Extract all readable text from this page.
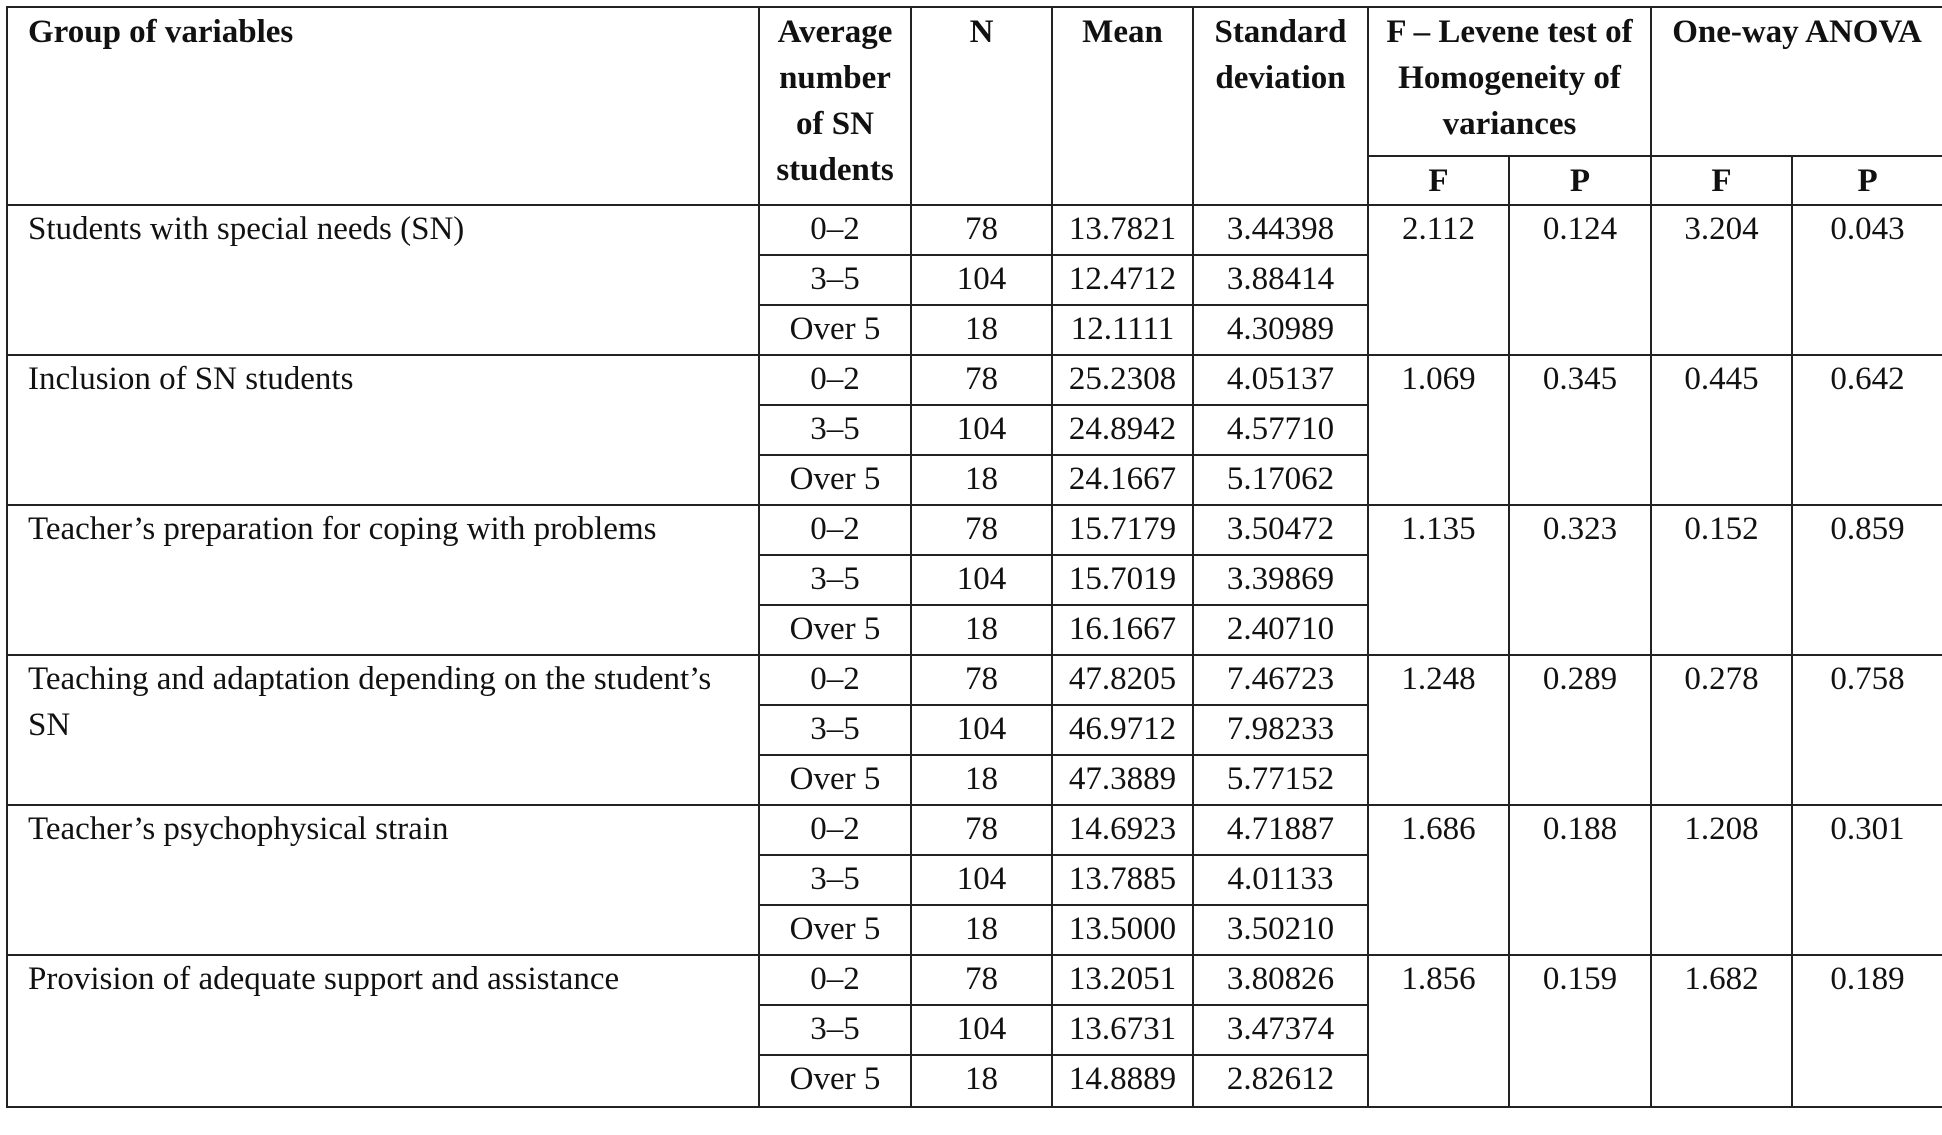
Group of variables	Average number of SN students	N	Mean	Standard deviation	F – Levene test of Homogeneity of variances		One-way ANOVA	
					F	P	F	P
Students with special needs (SN)	0–2	78	13.7821	3.44398	2.112	0.124	3.204	0.043
	3–5	104	12.4712	3.88414				
	Over 5	18	12.1111	4.30989				
Inclusion of SN students	0–2	78	25.2308	4.05137	1.069	0.345	0.445	0.642
	3–5	104	24.8942	4.57710				
	Over 5	18	24.1667	5.17062				
Teacher’s preparation for coping with problems	0–2	78	15.7179	3.50472	1.135	0.323	0.152	0.859
	3–5	104	15.7019	3.39869				
	Over 5	18	16.1667	2.40710				
Teaching and adaptation depending on the student’s SN	0–2	78	47.8205	7.46723	1.248	0.289	0.278	0.758
	3–5	104	46.9712	7.98233				
	Over 5	18	47.3889	5.77152				
Teacher’s psychophysical strain	0–2	78	14.6923	4.71887	1.686	0.188	1.208	0.301
	3–5	104	13.7885	4.01133				
	Over 5	18	13.5000	3.50210				
Provision of adequate support and assistance	0–2	78	13.2051	3.80826	1.856	0.159	1.682	0.189
	3–5	104	13.6731	3.47374				
	Over 5	18	14.8889	2.82612				
